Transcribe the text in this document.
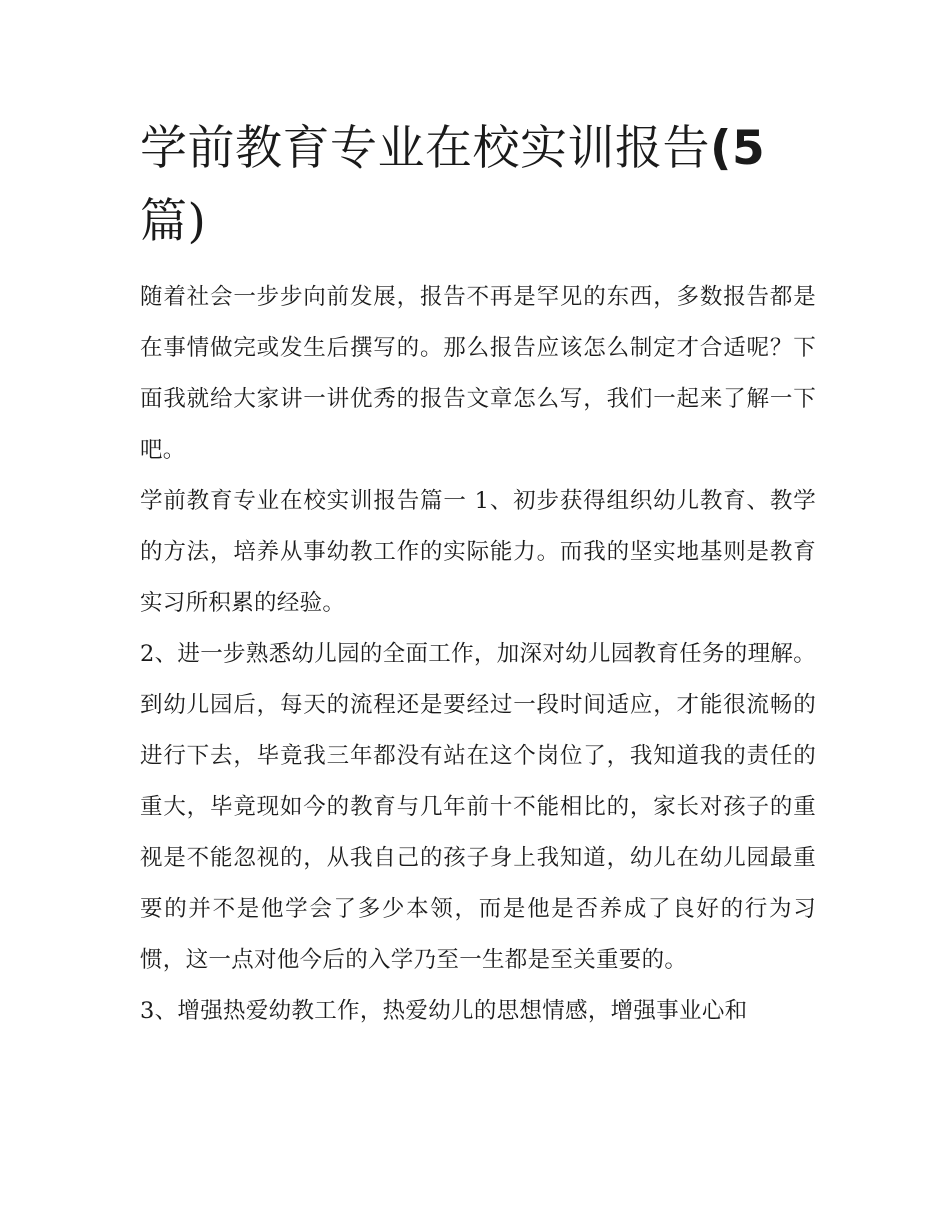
学前教育专业在校实训报告(5
篇)

随着社会一步步向前发展，报告不再是罕见的东西，多数报告都是在事情做完或发生后撰写的。那么报告应该怎么制定才合适呢？下面我就给大家讲一讲优秀的报告文章怎么写，我们一起来了解一下吧。

学前教育专业在校实训报告篇一 1、初步获得组织幼儿教育、教学的方法，培养从事幼教工作的实际能力。而我的坚实地基则是教育实习所积累的经验。

2、进一步熟悉幼儿园的全面工作，加深对幼儿园教育任务的理解。到幼儿园后，每天的流程还是要经过一段时间适应，才能很流畅的进行下去，毕竟我三年都没有站在这个岗位了，我知道我的责任的重大，毕竟现如今的教育与几年前十不能相比的，家长对孩子的重视是不能忽视的，从我自己的孩子身上我知道，幼儿在幼儿园最重要的并不是他学会了多少本领，而是他是否养成了良好的行为习惯，这一点对他今后的入学乃至一生都是至关重要的。

3、增强热爱幼教工作，热爱幼儿的思想情感，增强事业心和
